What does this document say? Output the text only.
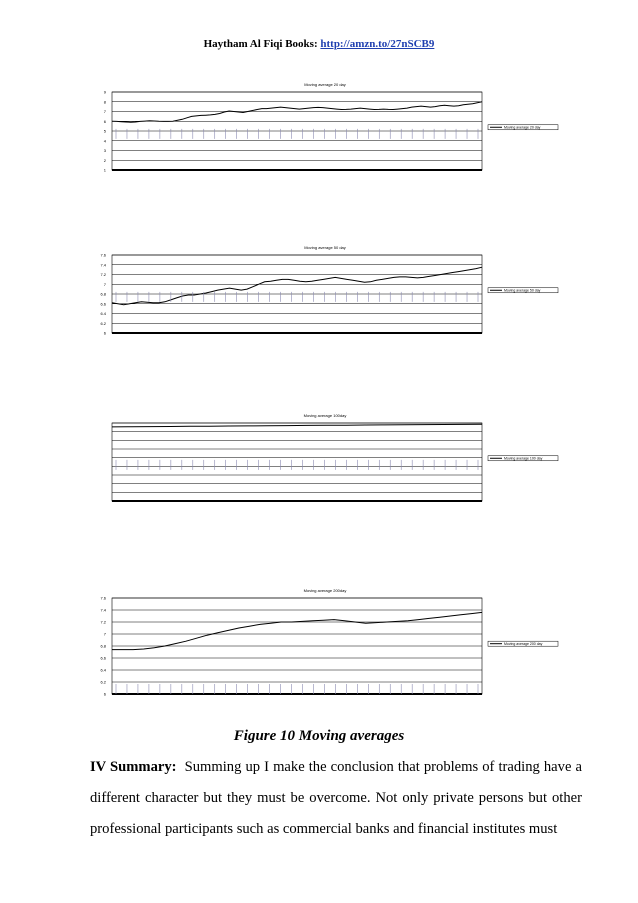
Haytham Al Fiqi Books: http://amzn.to/27nSCB9
Moving average 20 day
9
8
7
6
5
4
3
2
1
Moving average 20 day
Moving average 50 day
7.6
7.4
7.2
7
6.8
6.6
6.4
6.2
6
Moving average 50 day
Moving average 100day
Moving average 100 day
Moving average 200day
7.6
7.4
7.2
7
6.8
6.6
6.4
6.2
6
Moving average 200 day
Figure 10 Moving averages
IV Summary: Summing up I make the conclusion that problems of trading have a different character but they must be overcome. Not only private persons but other professional participants such as commercial banks and financial institutes must
